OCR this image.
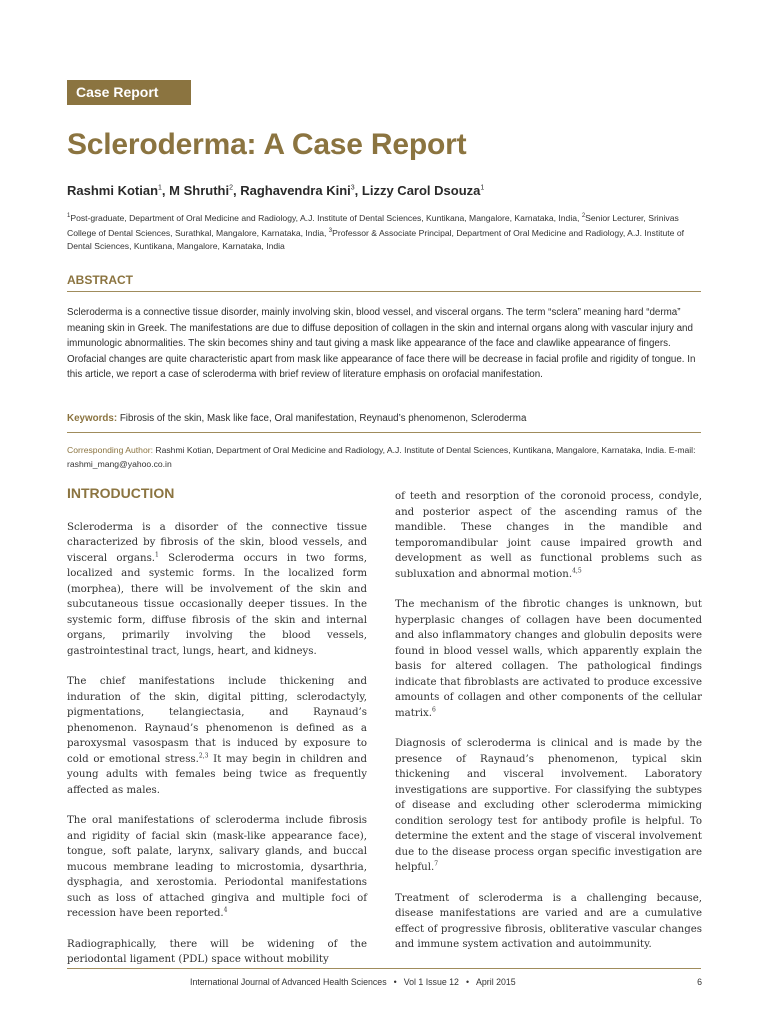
Case Report
Scleroderma: A Case Report
Rashmi Kotian$^1$, M Shruthi$^2$, Raghavendra Kini$^3$, Lizzy Carol Dsouza$^1$
$^1$Post-graduate, Department of Oral Medicine and Radiology, A.J. Institute of Dental Sciences, Kuntikana, Mangalore, Karnataka, India, $^2$Senior Lecturer, Srinivas College of Dental Sciences, Surathkal, Mangalore, Karnataka, India, $^3$Professor & Associate Principal, Department of Oral Medicine and Radiology, A.J. Institute of Dental Sciences, Kuntikana, Mangalore, Karnataka, India
ABSTRACT

Scleroderma is a connective tissue disorder, mainly involving skin, blood vessel, and visceral organs. The term “sclera” meaning hard “derma” meaning skin in Greek. The manifestations are due to diffuse deposition of collagen in the skin and internal organs along with vascular injury and immunologic abnormalities. The skin becomes shiny and taut giving a mask like appearance of the face and clawlike appearance of fingers. Orofacial changes are quite characteristic apart from mask like appearance of face there will be decrease in facial profile and rigidity of tongue. In this article, we report a case of scleroderma with brief review of literature emphasis on orofacial manifestation.

Keywords: Fibrosis of the skin, Mask like face, Oral manifestation, Reynaud’s phenomenon, Scleroderma
Corresponding Author: Rashmi Kotian, Department of Oral Medicine and Radiology, A.J. Institute of Dental Sciences, Kuntikana, Mangalore, Karnataka, India. E-mail: rashmi_mang@yahoo.co.in
INTRODUCTION

Scleroderma is a disorder of the connective tissue characterized by fibrosis of the skin, blood vessels, and visceral organs.$^1$ Scleroderma occurs in two forms, localized and systemic forms. In the localized form (morphea), there will be involvement of the skin and subcutaneous tissue occasionally deeper tissues. In the systemic form, diffuse fibrosis of the skin and internal organs, primarily involving the blood vessels, gastrointestinal tract, lungs, heart, and kidneys.

The chief manifestations include thickening and induration of the skin, digital pitting, sclerodactyly, pigmentations, telangiectasia, and Raynaud’s phenomenon. Raynaud’s phenomenon is defined as a paroxysmal vasospasm that is induced by exposure to cold or emotional stress.$^{2,3}$ It may begin in children and young adults with females being twice as frequently affected as males.

The oral manifestations of scleroderma include fibrosis and rigidity of facial skin (mask-like appearance face), tongue, soft palate, larynx, salivary glands, and buccal mucous membrane leading to microstomia, dysarthria, dysphagia, and xerostomia. Periodontal manifestations such as loss of attached gingiva and multiple foci of recession have been reported.$^4$

Radiographically, there will be widening of the periodontal ligament (PDL) space without mobility

of teeth and resorption of the coronoid process, condyle, and posterior aspect of the ascending ramus of the mandible. These changes in the mandible and temporomandibular joint cause impaired growth and development as well as functional problems such as subluxation and abnormal motion.$^{4,5}$

The mechanism of the fibrotic changes is unknown, but hyperplasic changes of collagen have been documented and also inflammatory changes and globulin deposits were found in blood vessel walls, which apparently explain the basis for altered collagen. The pathological findings indicate that fibroblasts are activated to produce excessive amounts of collagen and other components of the cellular matrix.$^6$

Diagnosis of scleroderma is clinical and is made by the presence of Raynaud’s phenomenon, typical skin thickening and visceral involvement. Laboratory investigations are supportive. For classifying the subtypes of disease and excluding other scleroderma mimicking condition serology test for antibody profile is helpful. To determine the extent and the stage of visceral involvement due to the disease process organ specific investigation are helpful.$^7$

Treatment of scleroderma is a challenging because, disease manifestations are varied and are a cumulative effect of progressive fibrosis, obliterative vascular changes and immune system activation and autoimmunity.

International Journal of Advanced Health Sciences • Vol 1 Issue 12 • April 2015	6
